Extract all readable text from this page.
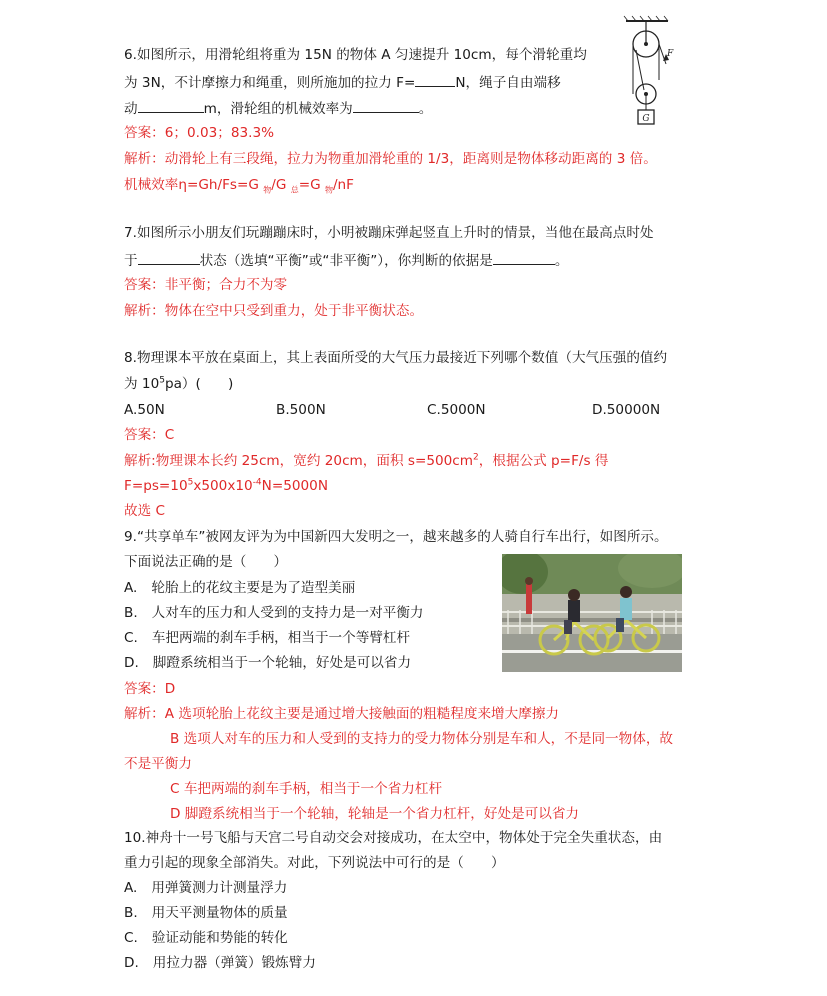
6.如图所示，用滑轮组将重为 15N 的物体 A 匀速提升 10cm，每个滑轮重均
为 3N，不计摩擦力和绳重，则所施加的拉力 F=	N，绳子自由端移
动	m，滑轮组的机械效率为	。
答案：6；0.03；83.3%
解析：动滑轮上有三段绳，拉力为物重加滑轮重的 1/3，距离则是物体移动距离的 3 倍。
机械效率η=Gh/Fs=G $_物$/G $_总$=G $_物$/nF
F
G
7.如图所示小朋友们玩蹦蹦床时，小明被蹦床弹起竖直上升时的情景，当他在最高点时处
于	状态（选填“平衡”或“非平衡”），你判断的依据是	。
答案：非平衡；合力不为零
解析：物体在空中只受到重力，处于非平衡状态。
8.物理课本平放在桌面上，其上表面所受的大气压力最接近下列哪个数值（大气压强的值约
为 $10^5pa$）(　　)
A.50N	B.500N	C.5000N	D.50000N
答案：C
解析:物理课本长约 25cm，宽约 20cm，面积 $s=500cm^2$，根据公式 p=F/s 得
$F=ps=10^5x500x10^{-4}N=5000N$
故选 C
9.“共享单车”被网友评为为中国新四大发明之一，越来越多的人骑自行车出行，如图所示。
下面说法正确的是（　　）
A. 轮胎上的花纹主要是为了造型美丽
B. 人对车的压力和人受到的支持力是一对平衡力
C. 车把两端的刹车手柄，相当于一个等臂杠杆
D. 脚蹬系统相当于一个轮轴，好处是可以省力
答案：D
解析：A 选项轮胎上花纹主要是通过增大接触面的粗糙程度来增大摩擦力
B 选项人对车的压力和人受到的支持力的受力物体分别是车和人，不是同一物体，故
不是平衡力
C 车把两端的刹车手柄，相当于一个省力杠杆
D 脚蹬系统相当于一个轮轴，轮轴是一个省力杠杆，好处是可以省力
10.神舟十一号飞船与天宫二号自动交会对接成功，在太空中，物体处于完全失重状态，由
重力引起的现象全部消失。对此，下列说法中可行的是（　　）
A. 用弹簧测力计测量浮力
B. 用天平测量物体的质量
C. 验证动能和势能的转化
D. 用拉力器（弹簧）锻炼臂力
